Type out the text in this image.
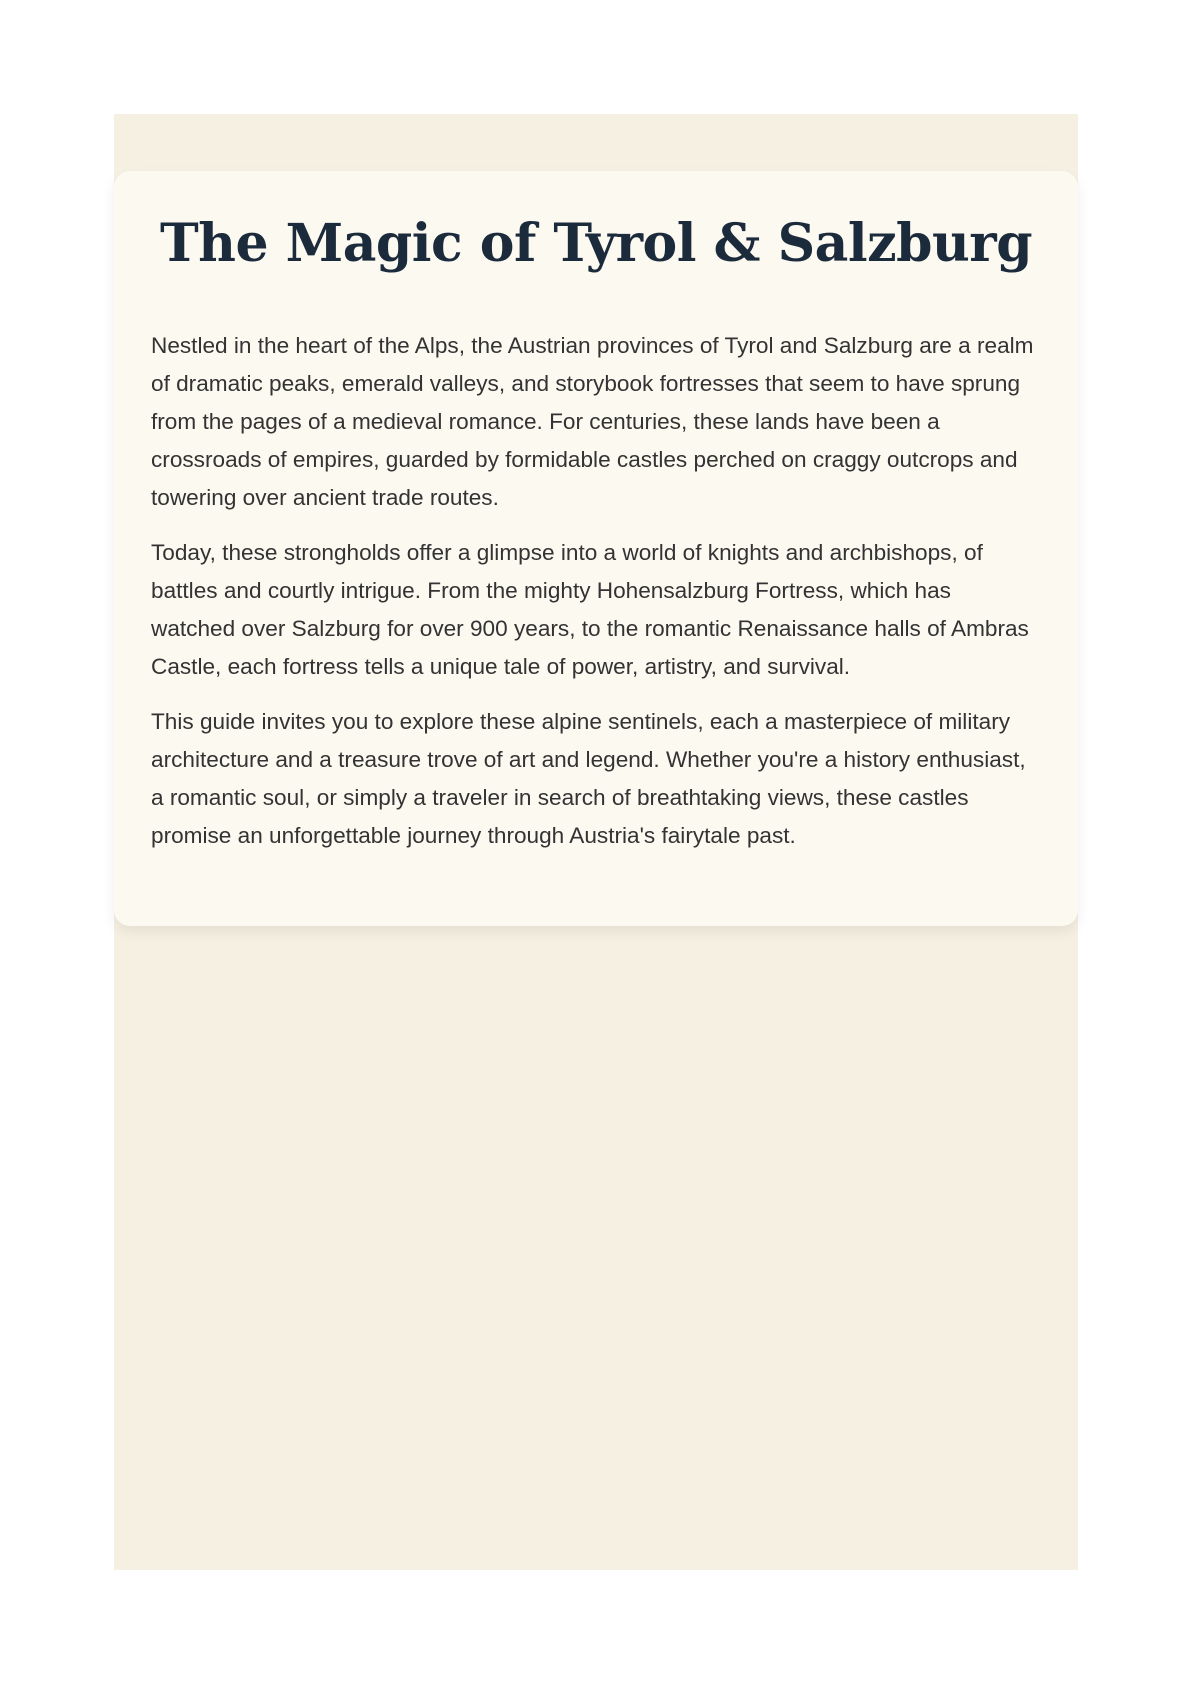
The Magic of Tyrol & Salzburg

Nestled in the heart of the Alps, the Austrian provinces of Tyrol and Salzburg are a realm of dramatic peaks, emerald valleys, and storybook fortresses that seem to have sprung from the pages of a medieval romance. For centuries, these lands have been a crossroads of empires, guarded by formidable castles perched on craggy outcrops and towering over ancient trade routes.

Today, these strongholds offer a glimpse into a world of knights and archbishops, of battles and courtly intrigue. From the mighty Hohensalzburg Fortress, which has watched over Salzburg for over 900 years, to the romantic Renaissance halls of Ambras Castle, each fortress tells a unique tale of power, artistry, and survival.

This guide invites you to explore these alpine sentinels, each a masterpiece of military architecture and a treasure trove of art and legend. Whether you're a history enthusiast, a romantic soul, or simply a traveler in search of breathtaking views, these castles promise an unforgettable journey through Austria's fairytale past.
